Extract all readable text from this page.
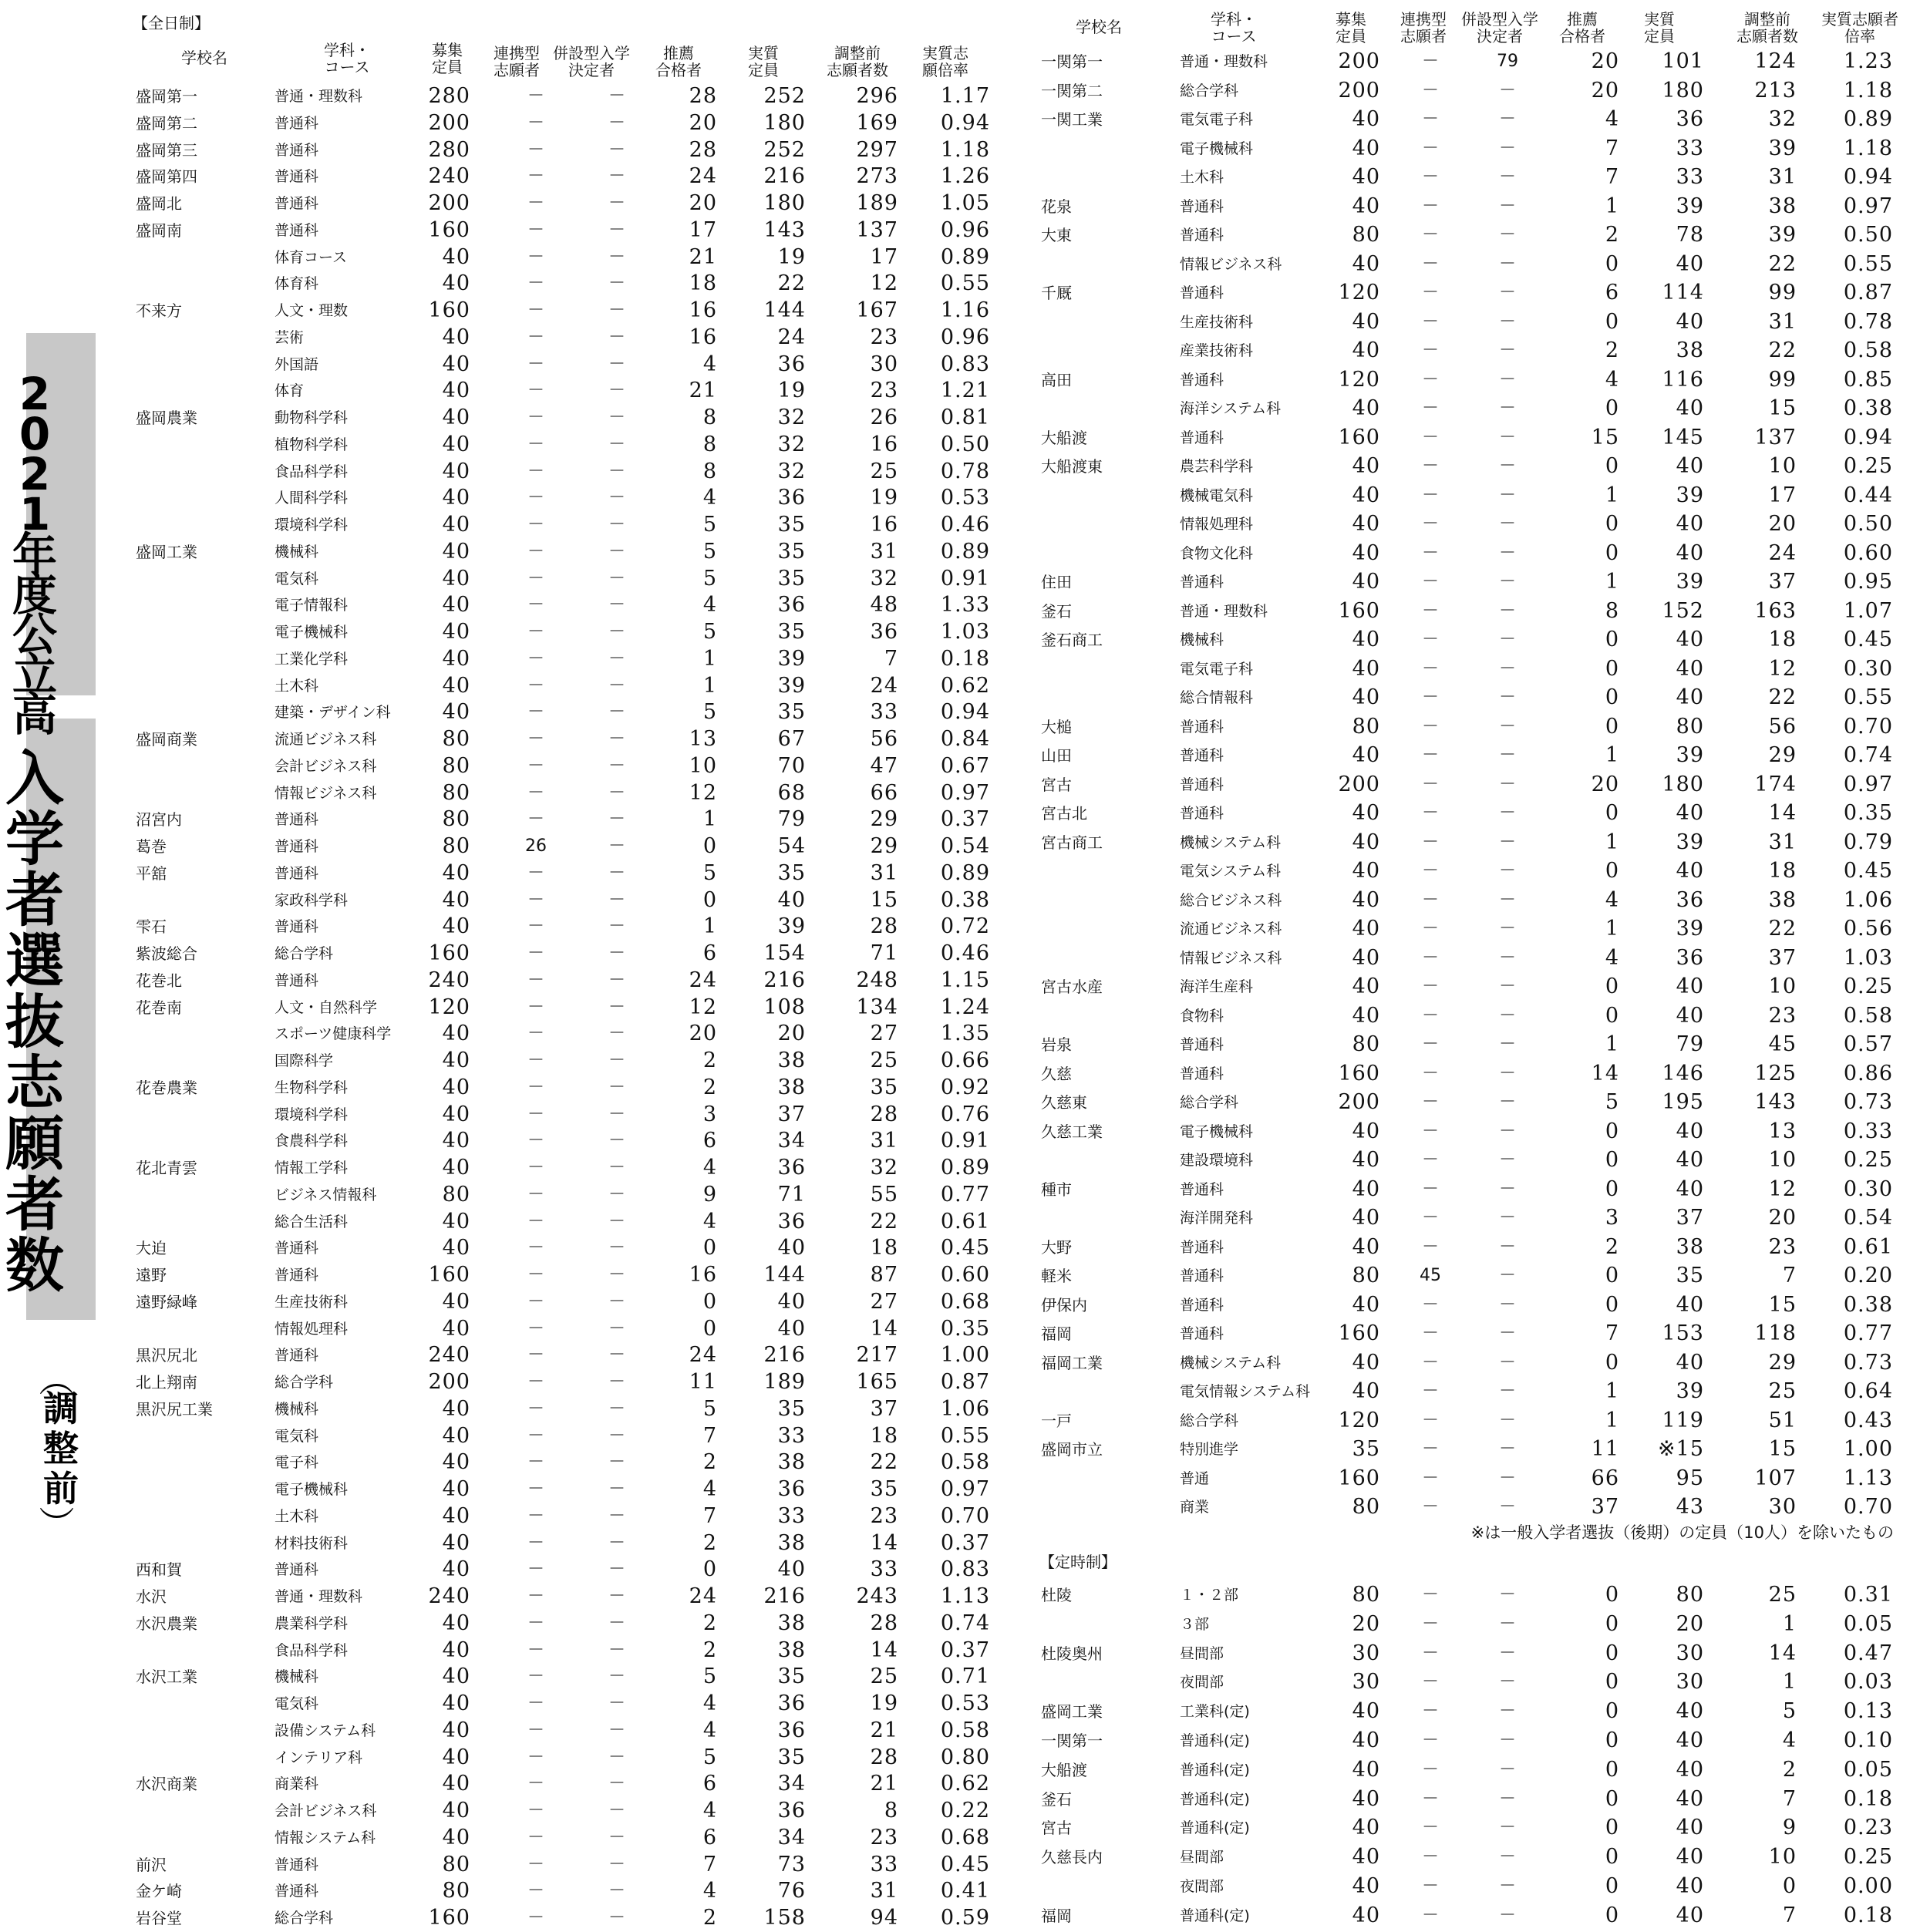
2
0
2
1
年
度
公
立
高
入
学
者
選
抜
志
願
者
数
（
調
整
前
）
【全日制】
【定時制】
学校名	学科・
コース
募集
定員
連携型
志願者
併設型入学
決定者
推薦
合格者
実質
定員
調整前
志願者数
実質志
願倍率
学校名	学科・
コース
募集
定員
連携型
志願者
併設型入学
決定者
推薦
合格者
実質
定員
調整前
志願者数
実質志願者
倍率
盛岡第一	普通・理数科	280	－	－	28	252	296	1.17
盛岡第二	普通科	200	－	－	20	180	169	0.94
盛岡第三	普通科	280	－	－	28	252	297	1.18
盛岡第四	普通科	240	－	－	24	216	273	1.26
盛岡北	普通科	200	－	－	20	180	189	1.05
盛岡南	普通科	160	－	－	17	143	137	0.96
体育コース	40	－	－	21	19	17	0.89
体育科	40	－	－	18	22	12	0.55
不来方	人文・理数	160	－	－	16	144	167	1.16
芸術	40	－	－	16	24	23	0.96
外国語	40	－	－	4	36	30	0.83
体育	40	－	－	21	19	23	1.21
盛岡農業	動物科学科	40	－	－	8	32	26	0.81
植物科学科	40	－	－	8	32	16	0.50
食品科学科	40	－	－	8	32	25	0.78
人間科学科	40	－	－	4	36	19	0.53
環境科学科	40	－	－	5	35	16	0.46
盛岡工業	機械科	40	－	－	5	35	31	0.89
電気科	40	－	－	5	35	32	0.91
電子情報科	40	－	－	4	36	48	1.33
電子機械科	40	－	－	5	35	36	1.03
工業化学科	40	－	－	1	39	7	0.18
土木科	40	－	－	1	39	24	0.62
建築・デザイン科	40	－	－	5	35	33	0.94
盛岡商業	流通ビジネス科	80	－	－	13	67	56	0.84
会計ビジネス科	80	－	－	10	70	47	0.67
情報ビジネス科	80	－	－	12	68	66	0.97
沼宮内	普通科	80	－	－	1	79	29	0.37
葛巻	普通科	80	26	－	0	54	29	0.54
平舘	普通科	40	－	－	5	35	31	0.89
家政科学科	40	－	－	0	40	15	0.38
雫石	普通科	40	－	－	1	39	28	0.72
紫波総合	総合学科	160	－	－	6	154	71	0.46
花巻北	普通科	240	－	－	24	216	248	1.15
花巻南	人文・自然科学	120	－	－	12	108	134	1.24
スポーツ健康科学	40	－	－	20	20	27	1.35
国際科学	40	－	－	2	38	25	0.66
花巻農業	生物科学科	40	－	－	2	38	35	0.92
環境科学科	40	－	－	3	37	28	0.76
食農科学科	40	－	－	6	34	31	0.91
花北青雲	情報工学科	40	－	－	4	36	32	0.89
ビジネス情報科	80	－	－	9	71	55	0.77
総合生活科	40	－	－	4	36	22	0.61
大迫	普通科	40	－	－	0	40	18	0.45
遠野	普通科	160	－	－	16	144	87	0.60
遠野緑峰	生産技術科	40	－	－	0	40	27	0.68
情報処理科	40	－	－	0	40	14	0.35
黒沢尻北	普通科	240	－	－	24	216	217	1.00
北上翔南	総合学科	200	－	－	11	189	165	0.87
黒沢尻工業	機械科	40	－	－	5	35	37	1.06
電気科	40	－	－	7	33	18	0.55
電子科	40	－	－	2	38	22	0.58
電子機械科	40	－	－	4	36	35	0.97
土木科	40	－	－	7	33	23	0.70
材料技術科	40	－	－	2	38	14	0.37
西和賀	普通科	40	－	－	0	40	33	0.83
水沢	普通・理数科	240	－	－	24	216	243	1.13
水沢農業	農業科学科	40	－	－	2	38	28	0.74
食品科学科	40	－	－	2	38	14	0.37
水沢工業	機械科	40	－	－	5	35	25	0.71
電気科	40	－	－	4	36	19	0.53
設備システム科	40	－	－	4	36	21	0.58
インテリア科	40	－	－	5	35	28	0.80
水沢商業	商業科	40	－	－	6	34	21	0.62
会計ビジネス科	40	－	－	4	36	8	0.22
情報システム科	40	－	－	6	34	23	0.68
前沢	普通科	80	－	－	7	73	33	0.45
金ケ崎	普通科	80	－	－	4	76	31	0.41
岩谷堂	総合学科	160	－	－	2	158	94	0.59
一関第一	普通・理数科	200	－	79	20	101	124	1.23
一関第二	総合学科	200	－	－	20	180	213	1.18
一関工業	電気電子科	40	－	－	4	36	32	0.89
電子機械科	40	－	－	7	33	39	1.18
土木科	40	－	－	7	33	31	0.94
花泉	普通科	40	－	－	1	39	38	0.97
大東	普通科	80	－	－	2	78	39	0.50
情報ビジネス科	40	－	－	0	40	22	0.55
千厩	普通科	120	－	－	6	114	99	0.87
生産技術科	40	－	－	0	40	31	0.78
産業技術科	40	－	－	2	38	22	0.58
高田	普通科	120	－	－	4	116	99	0.85
海洋システム科	40	－	－	0	40	15	0.38
大船渡	普通科	160	－	－	15	145	137	0.94
大船渡東	農芸科学科	40	－	－	0	40	10	0.25
機械電気科	40	－	－	1	39	17	0.44
情報処理科	40	－	－	0	40	20	0.50
食物文化科	40	－	－	0	40	24	0.60
住田	普通科	40	－	－	1	39	37	0.95
釜石	普通・理数科	160	－	－	8	152	163	1.07
釜石商工	機械科	40	－	－	0	40	18	0.45
電気電子科	40	－	－	0	40	12	0.30
総合情報科	40	－	－	0	40	22	0.55
大槌	普通科	80	－	－	0	80	56	0.70
山田	普通科	40	－	－	1	39	29	0.74
宮古	普通科	200	－	－	20	180	174	0.97
宮古北	普通科	40	－	－	0	40	14	0.35
宮古商工	機械システム科	40	－	－	1	39	31	0.79
電気システム科	40	－	－	0	40	18	0.45
総合ビジネス科	40	－	－	4	36	38	1.06
流通ビジネス科	40	－	－	1	39	22	0.56
情報ビジネス科	40	－	－	4	36	37	1.03
宮古水産	海洋生産科	40	－	－	0	40	10	0.25
食物科	40	－	－	0	40	23	0.58
岩泉	普通科	80	－	－	1	79	45	0.57
久慈	普通科	160	－	－	14	146	125	0.86
久慈東	総合学科	200	－	－	5	195	143	0.73
久慈工業	電子機械科	40	－	－	0	40	13	0.33
建設環境科	40	－	－	0	40	10	0.25
種市	普通科	40	－	－	0	40	12	0.30
海洋開発科	40	－	－	3	37	20	0.54
大野	普通科	40	－	－	2	38	23	0.61
軽米	普通科	80	45	－	0	35	7	0.20
伊保内	普通科	40	－	－	0	40	15	0.38
福岡	普通科	160	－	－	7	153	118	0.77
福岡工業	機械システム科	40	－	－	0	40	29	0.73
電気情報システム科	40	－	－	1	39	25	0.64
一戸	総合学科	120	－	－	1	119	51	0.43
盛岡市立	特別進学	35	－	－	11	※15	15	1.00
普通	160	－	－	66	95	107	1.13
商業	80	－	－	37	43	30	0.70
杜陵	１・２部	80	－	－	0	80	25	0.31
３部	20	－	－	0	20	1	0.05
杜陵奥州	昼間部	30	－	－	0	30	14	0.47
夜間部	30	－	－	0	30	1	0.03
盛岡工業	工業科(定)	40	－	－	0	40	5	0.13
一関第一	普通科(定)	40	－	－	0	40	4	0.10
大船渡	普通科(定)	40	－	－	0	40	2	0.05
釜石	普通科(定)	40	－	－	0	40	7	0.18
宮古	普通科(定)	40	－	－	0	40	9	0.23
久慈長内	昼間部	40	－	－	0	40	10	0.25
夜間部	40	－	－	0	40	0	0.00
福岡	普通科(定)	40	－	－	0	40	7	0.18
※は一般入学者選抜（後期）の定員（10人）を除いたもの
